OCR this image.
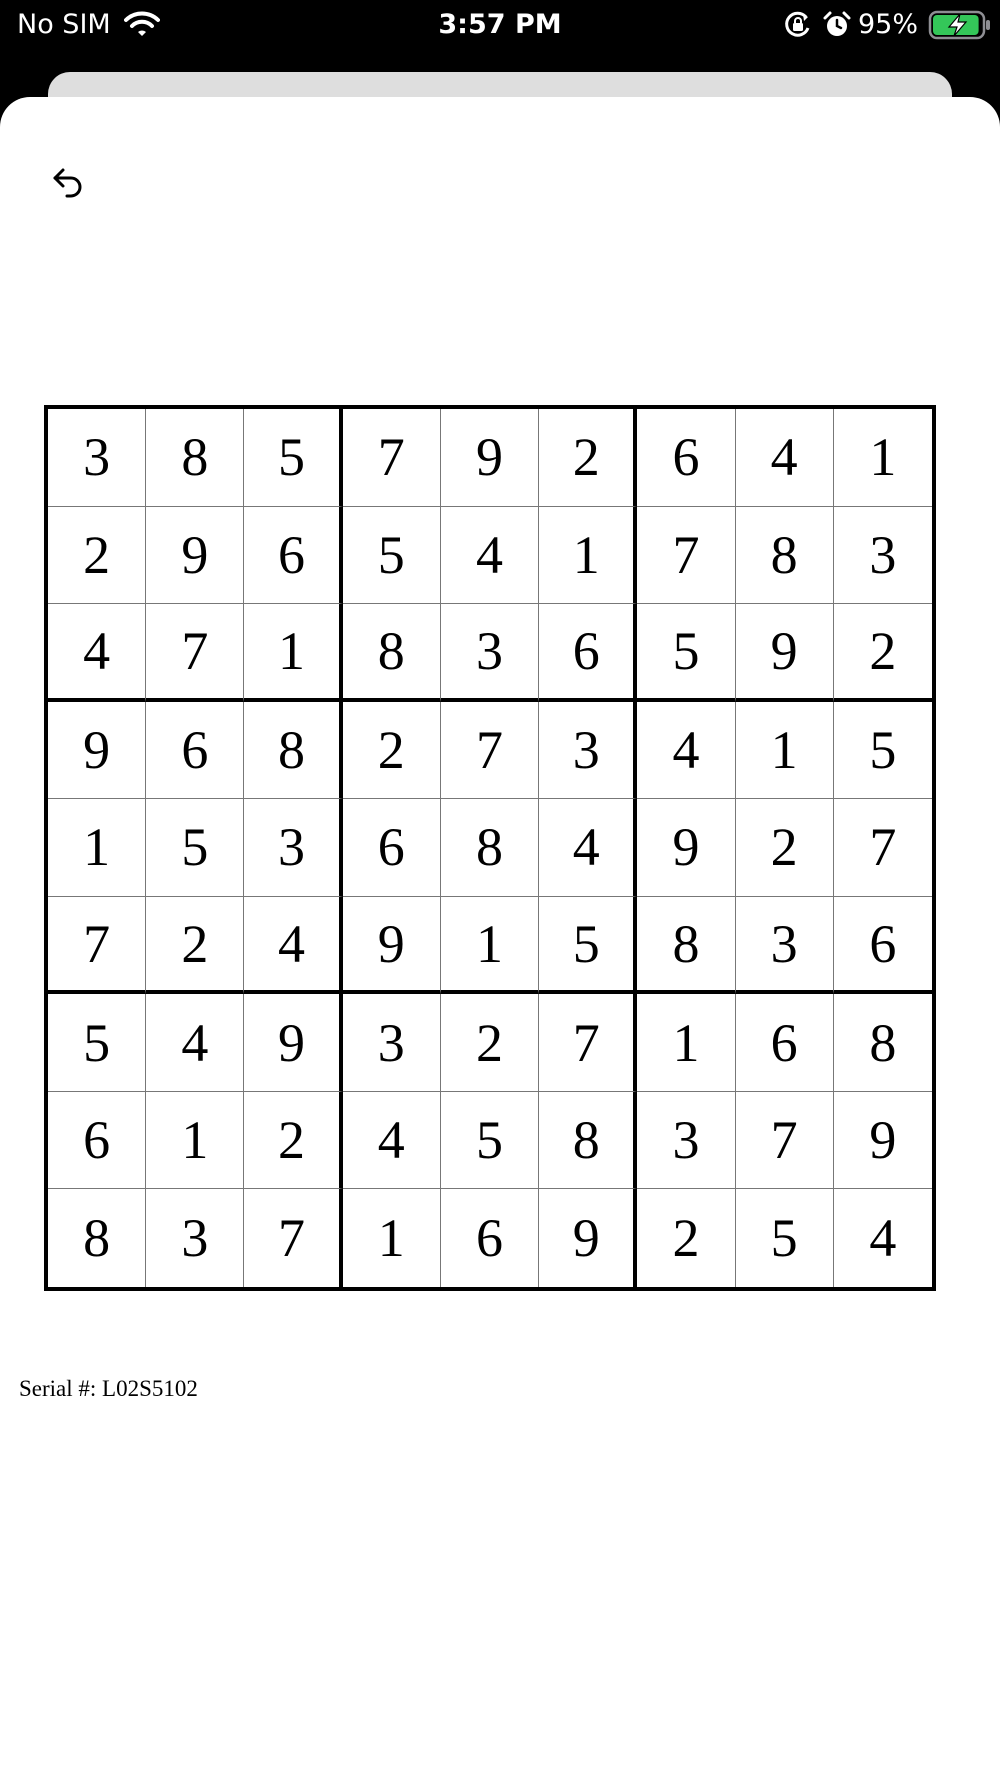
No SIM	3:57 PM	95%
3	8	5	7	9	2	6	4	1
2	9	6	5	4	1	7	8	3
4	7	1	8	3	6	5	9	2
9	6	8	2	7	3	4	1	5
1	5	3	6	8	4	9	2	7
7	2	4	9	1	5	8	3	6
5	4	9	3	2	7	1	6	8
6	1	2	4	5	8	3	7	9
8	3	7	1	6	9	2	5	4
Serial #: L02S5102
